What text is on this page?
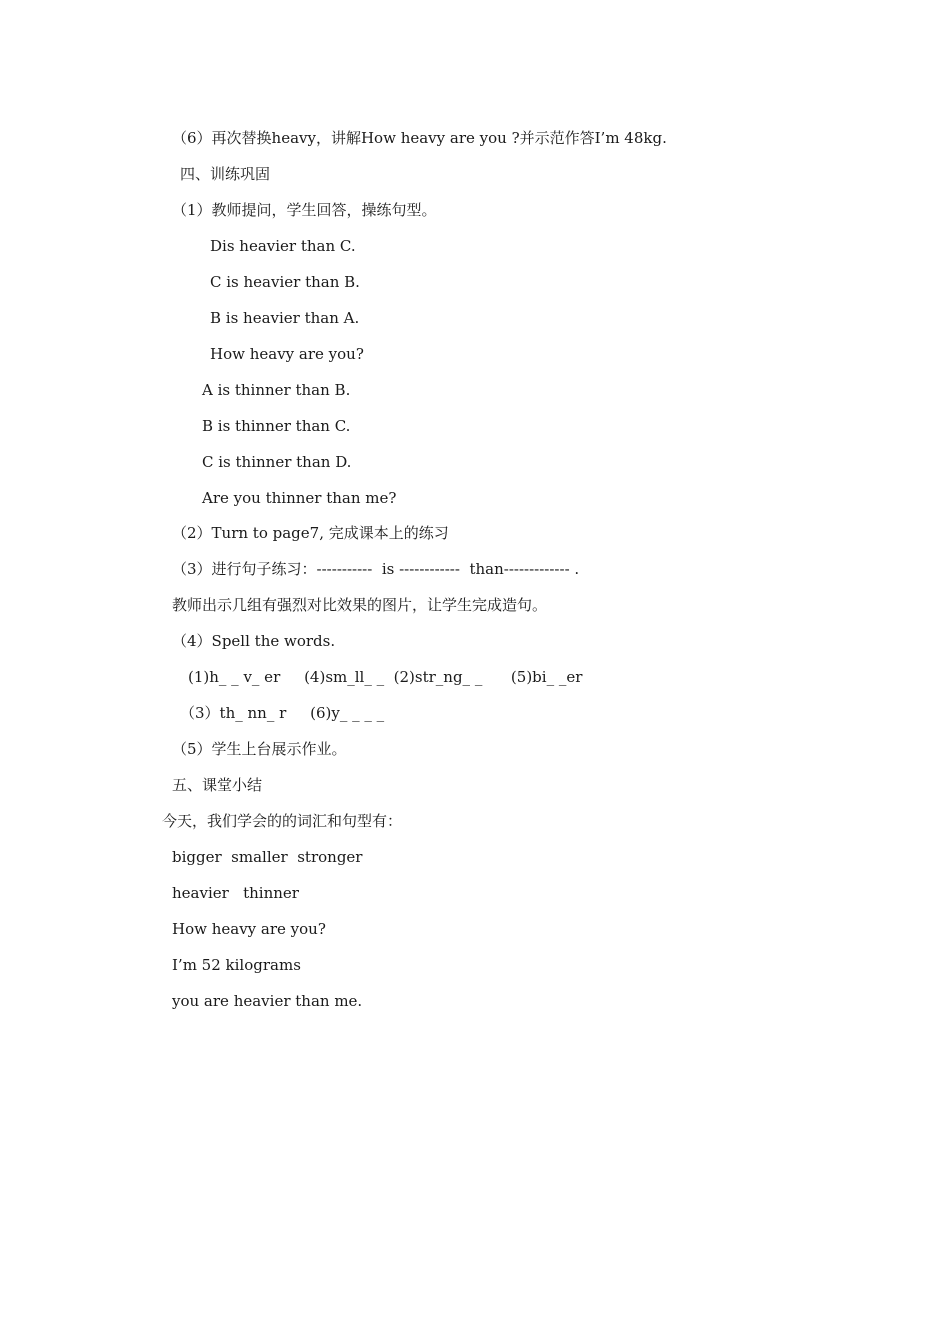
（6）再次替换heavy，讲解How heavy are you ?并示范作答I’m 48kg.
四、训练巩固
（1）教师提问，学生回答，操练句型。
Dis heavier than C.
C is heavier than B.
B is heavier than A.
How heavy are you?
A is thinner than B.
B is thinner than C.
C is thinner than D.
Are you thinner than me?
（2）Turn to page7, 完成课本上的练习
（3）进行句子练习：-----------  is ------------  than------------- .
教师出示几组有强烈对比效果的图片，让学生完成造句。
（4）Spell the words.
(1)h_ _ v_ er     (4)sm_ll_ _  (2)str_ng_ _      (5)bi_ _er
（3）th_ nn_ r     (6)y_ _ _ _
（5）学生上台展示作业。
五、课堂小结
今天，我们学会的的词汇和句型有：
bigger  smaller  stronger
heavier   thinner
How heavy are you?
I’m 52 kilograms
you are heavier than me.
